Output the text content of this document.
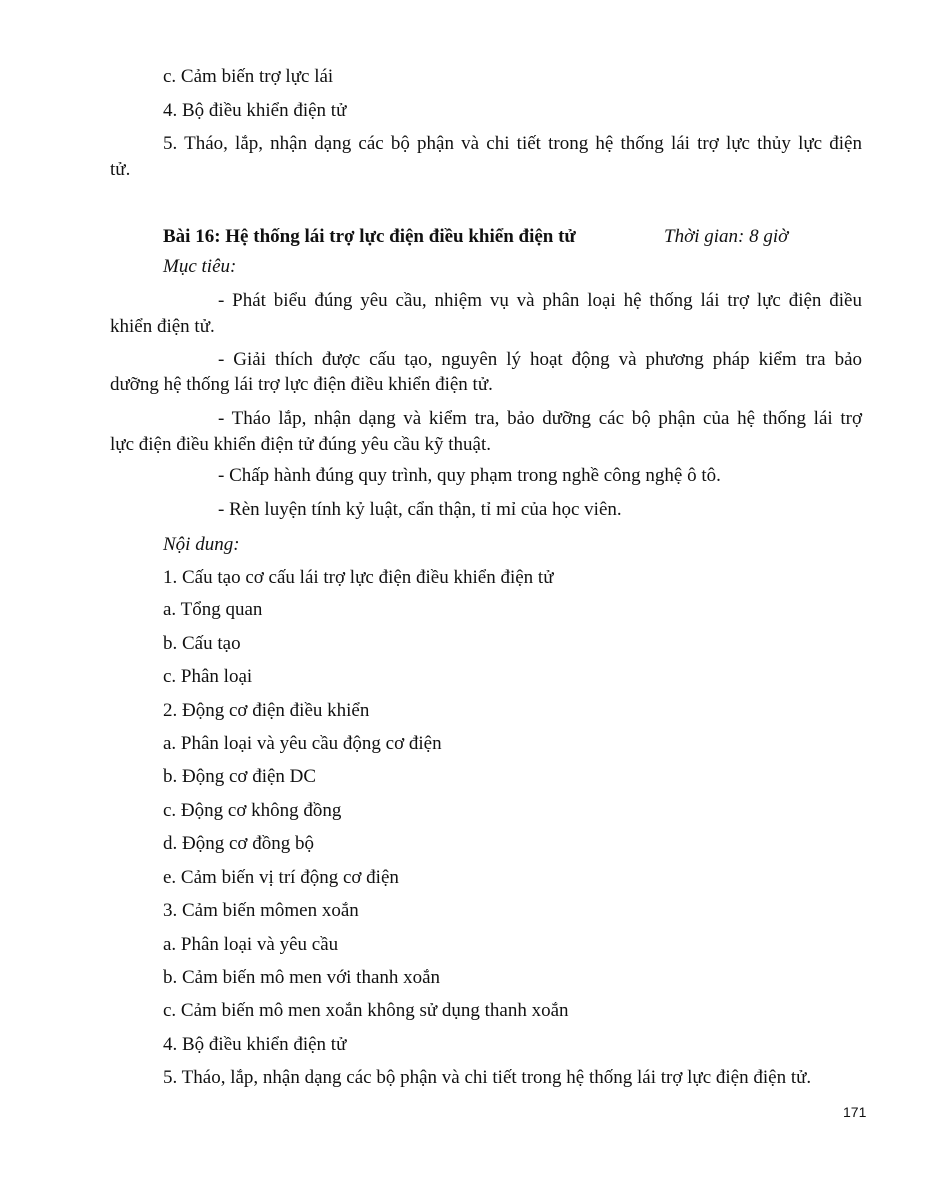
c. Cảm biến trợ lực lái
4. Bộ điều khiển điện tử
5. Tháo, lắp, nhận dạng các bộ phận và chi tiết trong hệ thống lái trợ lực thủy lực điện
tử.
Bài 16: Hệ thống lái trợ lực điện điều khiển điện tử	Thời gian: 8 giờ
Mục tiêu:
- Phát biểu đúng yêu cầu, nhiệm vụ và phân loại hệ thống lái trợ lực điện điều
khiển điện tử.
- Giải thích được cấu tạo, nguyên lý hoạt động và phương pháp kiểm tra bảo
dưỡng hệ thống lái trợ lực điện điều khiển điện tử.
- Tháo lắp, nhận dạng và kiểm tra, bảo dưỡng các bộ phận của hệ thống lái trợ
lực điện điều khiển điện tử đúng yêu cầu kỹ thuật.
- Chấp hành đúng quy trình, quy phạm trong nghề công nghệ ô tô.
- Rèn luyện tính kỷ luật, cẩn thận, tỉ mỉ của học viên.
Nội dung:
1. Cấu tạo cơ cấu lái trợ lực điện điều khiển điện tử
a. Tổng quan
b. Cấu tạo
c. Phân loại
2. Động cơ điện điều khiển
a. Phân loại và yêu cầu động cơ điện
b. Động cơ điện DC
c. Động cơ không đồng
d. Động cơ đồng bộ
e. Cảm biến vị trí động cơ điện
3. Cảm biến mômen xoắn
a. Phân loại và yêu cầu
b. Cảm biến mô men với thanh xoắn
c. Cảm biến mô men xoắn không sử dụng thanh xoắn
4. Bộ điều khiển điện tử
5. Tháo, lắp, nhận dạng các bộ phận và chi tiết trong hệ thống lái trợ lực điện điện tử.
171
